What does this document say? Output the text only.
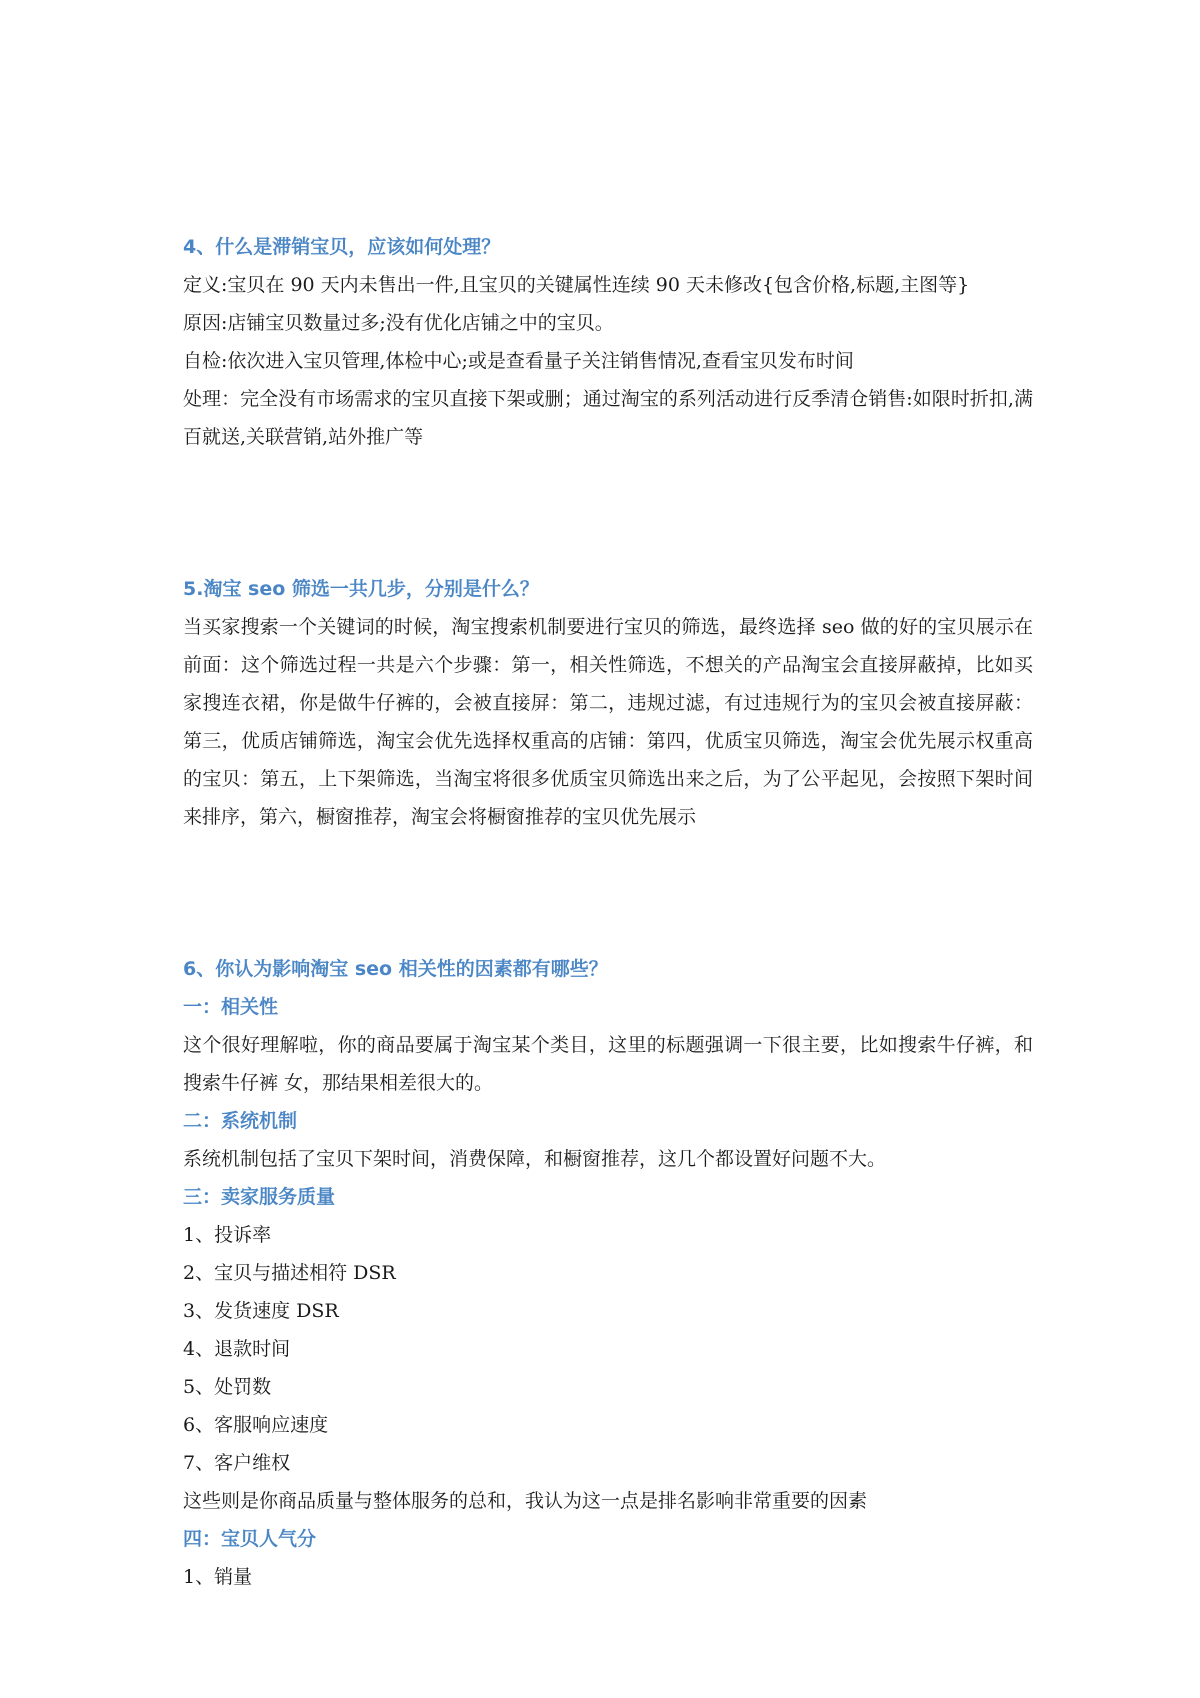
4、什么是滞销宝贝，应该如何处理？

定义:宝贝在 90 天内未售出一件,且宝贝的关键属性连续 90 天未修改{包含价格,标题,主图等}

原因:店铺宝贝数量过多;没有优化店铺之中的宝贝。

自检:依次进入宝贝管理,体检中心;或是查看量子关注销售情况,查看宝贝发布时间

处理：完全没有市场需求的宝贝直接下架或删；通过淘宝的系列活动进行反季清仓销售:如限时折扣,满百就送,关联营销,站外推广等

5.淘宝 seo 筛选一共几步，分别是什么？

当买家搜索一个关键词的时候，淘宝搜索机制要进行宝贝的筛选，最终选择 seo 做的好的宝贝展示在前面：这个筛选过程一共是六个步骤：第一，相关性筛选，不想关的产品淘宝会直接屏蔽掉，比如买家搜连衣裙，你是做牛仔裤的，会被直接屏：第二，违规过滤，有过违规行为的宝贝会被直接屏蔽：第三，优质店铺筛选，淘宝会优先选择权重高的店铺：第四，优质宝贝筛选，淘宝会优先展示权重高的宝贝：第五，上下架筛选，当淘宝将很多优质宝贝筛选出来之后，为了公平起见，会按照下架时间来排序，第六，橱窗推荐，淘宝会将橱窗推荐的宝贝优先展示

6、你认为影响淘宝 seo 相关性的因素都有哪些？

一：相关性

这个很好理解啦，你的商品要属于淘宝某个类目，这里的标题强调一下很主要，比如搜索牛仔裤，和搜索牛仔裤 女，那结果相差很大的。

二：系统机制

系统机制包括了宝贝下架时间，消费保障，和橱窗推荐，这几个都设置好问题不大。

三：卖家服务质量

1、投诉率

2、宝贝与描述相符 DSR

3、发货速度 DSR

4、退款时间

5、处罚数

6、客服响应速度

7、客户维权

这些则是你商品质量与整体服务的总和，我认为这一点是排名影响非常重要的因素

四：宝贝人气分

1、销量
